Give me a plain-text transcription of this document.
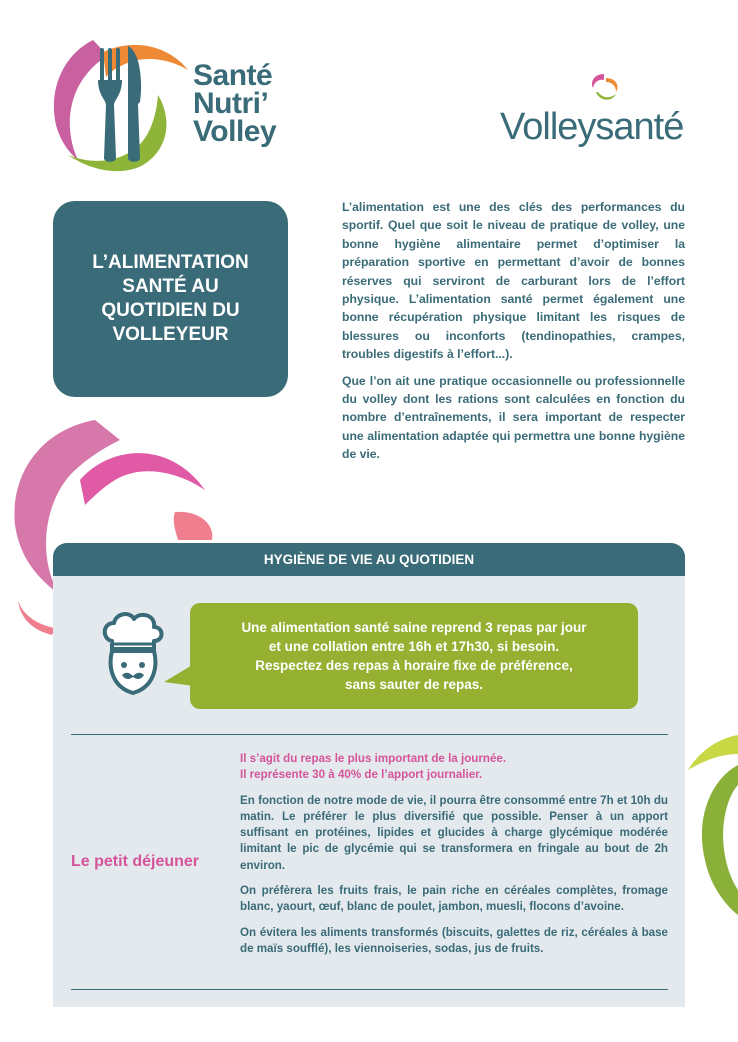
Santé
Nutri’
Volley	Volleysanté
L’ALIMENTATION
SANTÉ AU
QUOTIDIEN DU
VOLLEYEUR

L’alimentation est une des clés des performances du sportif. Quel que soit le niveau de pratique de volley, une bonne hygiène alimentaire permet d’optimiser la préparation sportive en permettant d’avoir de bonnes réserves qui serviront de carburant lors de l’effort physique. L’alimentation santé permet également une bonne récupération physique limitant les risques de blessures ou inconforts (tendinopathies, crampes, troubles digestifs à l’effort...).

Que l’on ait une pratique occasionnelle ou professionnelle du volley dont les rations sont calculées en fonction du nombre d’entraînements, il sera important de respecter une alimentation adaptée qui permettra une bonne hygiène de vie.

HYGIÈNE DE VIE AU QUOTIDIEN

Une alimentation santé saine reprend 3 repas par jour

et une collation entre 16h et 17h30, si besoin.

Respectez des repas à horaire fixe de préférence,

sans sauter de repas.

Le petit déjeuner

Il s’agit du repas le plus important de la journée.
Il représente 30 à 40% de l’apport journalier.

En fonction de notre mode de vie, il pourra être consommé entre 7h et 10h du matin. Le préférer le plus diversifié que possible. Penser à un apport suffisant en protéines, lipides et glucides à charge glycémique modérée limitant le pic de glycémie qui se transformera en fringale au bout de 2h environ.

On préfèrera les fruits frais, le pain riche en céréales complètes, fromage blanc, yaourt, œuf, blanc de poulet, jambon, muesli, flocons d’avoine.

On évitera les aliments transformés (biscuits, galettes de riz, céréales à base de maïs soufflé), les viennoiseries, sodas, jus de fruits.
